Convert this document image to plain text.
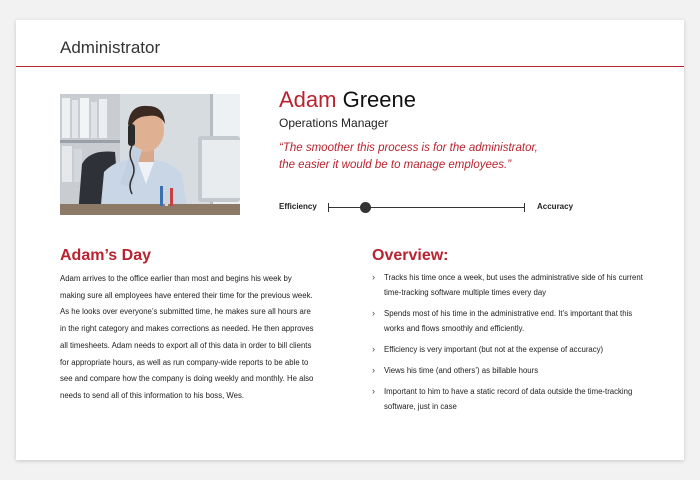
Administrator
Adam Greene
Operations Manager
“The smoother this process is for the administrator,
the easier it would be to manage employees.”
Efficiency	Accuracy
Adam’s Day
Adam arrives to the office earlier than most and begins his week by making sure all employees have entered their time for the previous week. As he looks over everyone’s submitted time, he makes sure all hours are in the right category and makes corrections as needed. He then approves all timesheets. Adam needs to export all of this data in order to bill clients for appropriate hours, as well as run company-wide reports to be able to see and compare how the company is doing weekly and monthly. He also needs to send all of this information to his boss, Wes.
Overview:
› Tracks his time once a week, but uses the administrative side of his current time-tracking software multiple times every day
› Spends most of his time in the administrative end. It’s important that this works and flows smoothly and efficiently.
› Efficiency is very important (but not at the expense of accuracy)
› Views his time (and others’) as billable hours
› Important to him to have a static record of data outside the time-tracking software, just in case
